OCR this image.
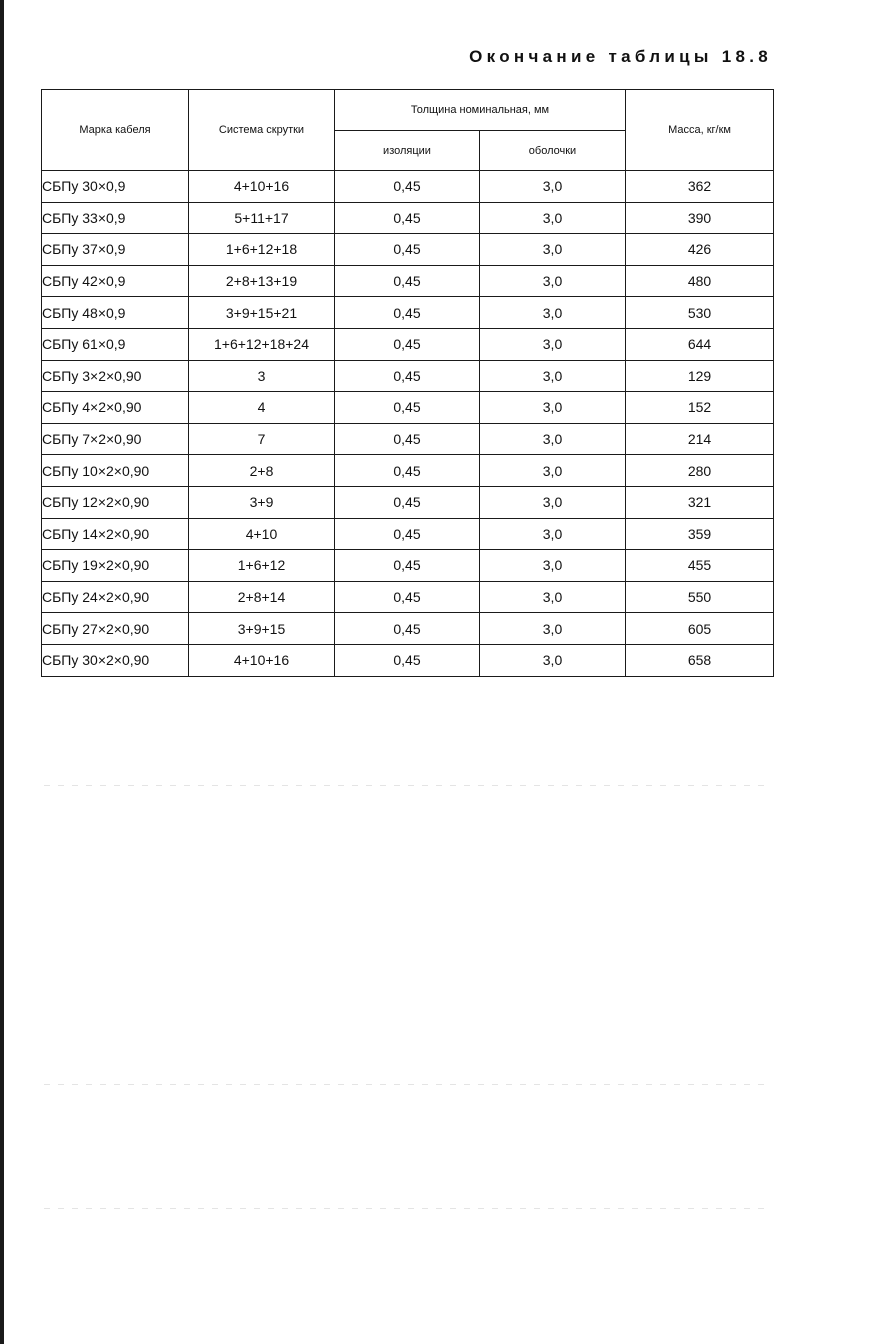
Окончание таблицы 18.8
Марка кабеля	Система скрутки	Толщина номинальная, мм		Масса, кг/км
		изоляции	оболочки	
СБПу 30×0,9	4+10+16	0,45	3,0	362
СБПу 33×0,9	5+11+17	0,45	3,0	390
СБПу 37×0,9	1+6+12+18	0,45	3,0	426
СБПу 42×0,9	2+8+13+19	0,45	3,0	480
СБПу 48×0,9	3+9+15+21	0,45	3,0	530
СБПу 61×0,9	1+6+12+18+24	0,45	3,0	644
СБПу 3×2×0,90	3	0,45	3,0	129
СБПу 4×2×0,90	4	0,45	3,0	152
СБПу 7×2×0,90	7	0,45	3,0	214
СБПу 10×2×0,90	2+8	0,45	3,0	280
СБПу 12×2×0,90	3+9	0,45	3,0	321
СБПу 14×2×0,90	4+10	0,45	3,0	359
СБПу 19×2×0,90	1+6+12	0,45	3,0	455
СБПу 24×2×0,90	2+8+14	0,45	3,0	550
СБПу 27×2×0,90	3+9+15	0,45	3,0	605
СБПу 30×2×0,90	4+10+16	0,45	3,0	658
